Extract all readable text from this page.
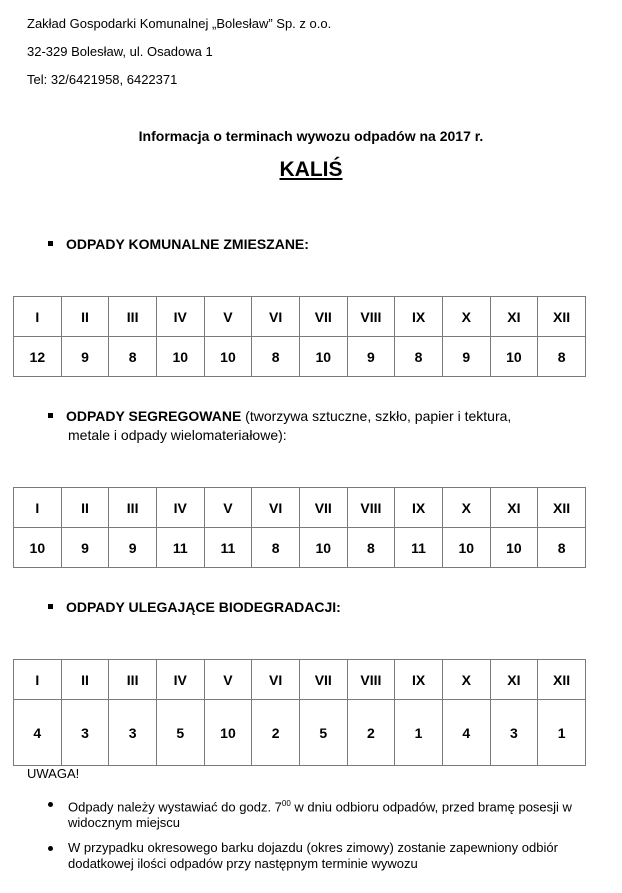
Zakład Gospodarki Komunalnej „Bolesław” Sp. z o.o.
32-329 Bolesław, ul. Osadowa 1
Tel: 32/6421958, 6422371
Informacja o terminach wywozu odpadów na 2017 r.
KALIŚ
ODPADY KOMUNALNE ZMIESZANE:
I	II	III	IV	V	VI	VII	VIII	IX	X	XI	XII
12	9	8	10	10	8	10	9	8	9	10	8
ODPADY SEGREGOWANE (tworzywa sztuczne, szkło, papier i tektura,
metale i odpady wielomateriałowe):
I	II	III	IV	V	VI	VII	VIII	IX	X	XI	XII
10	9	9	11	11	8	10	8	11	10	10	8
ODPADY ULEGAJĄCE BIODEGRADACJI:
I	II	III	IV	V	VI	VII	VIII	IX	X	XI	XII
4	3	3	5	10	2	5	2	1	4	3	1
UWAGA!
Odpady należy wystawiać do godz. $7^{00}$ w dniu odbioru odpadów, przed bramę posesji w widocznym miejscu
W przypadku okresowego barku dojazdu (okres zimowy) zostanie zapewniony odbiór dodatkowej ilości odpadów przy następnym terminie wywozu
